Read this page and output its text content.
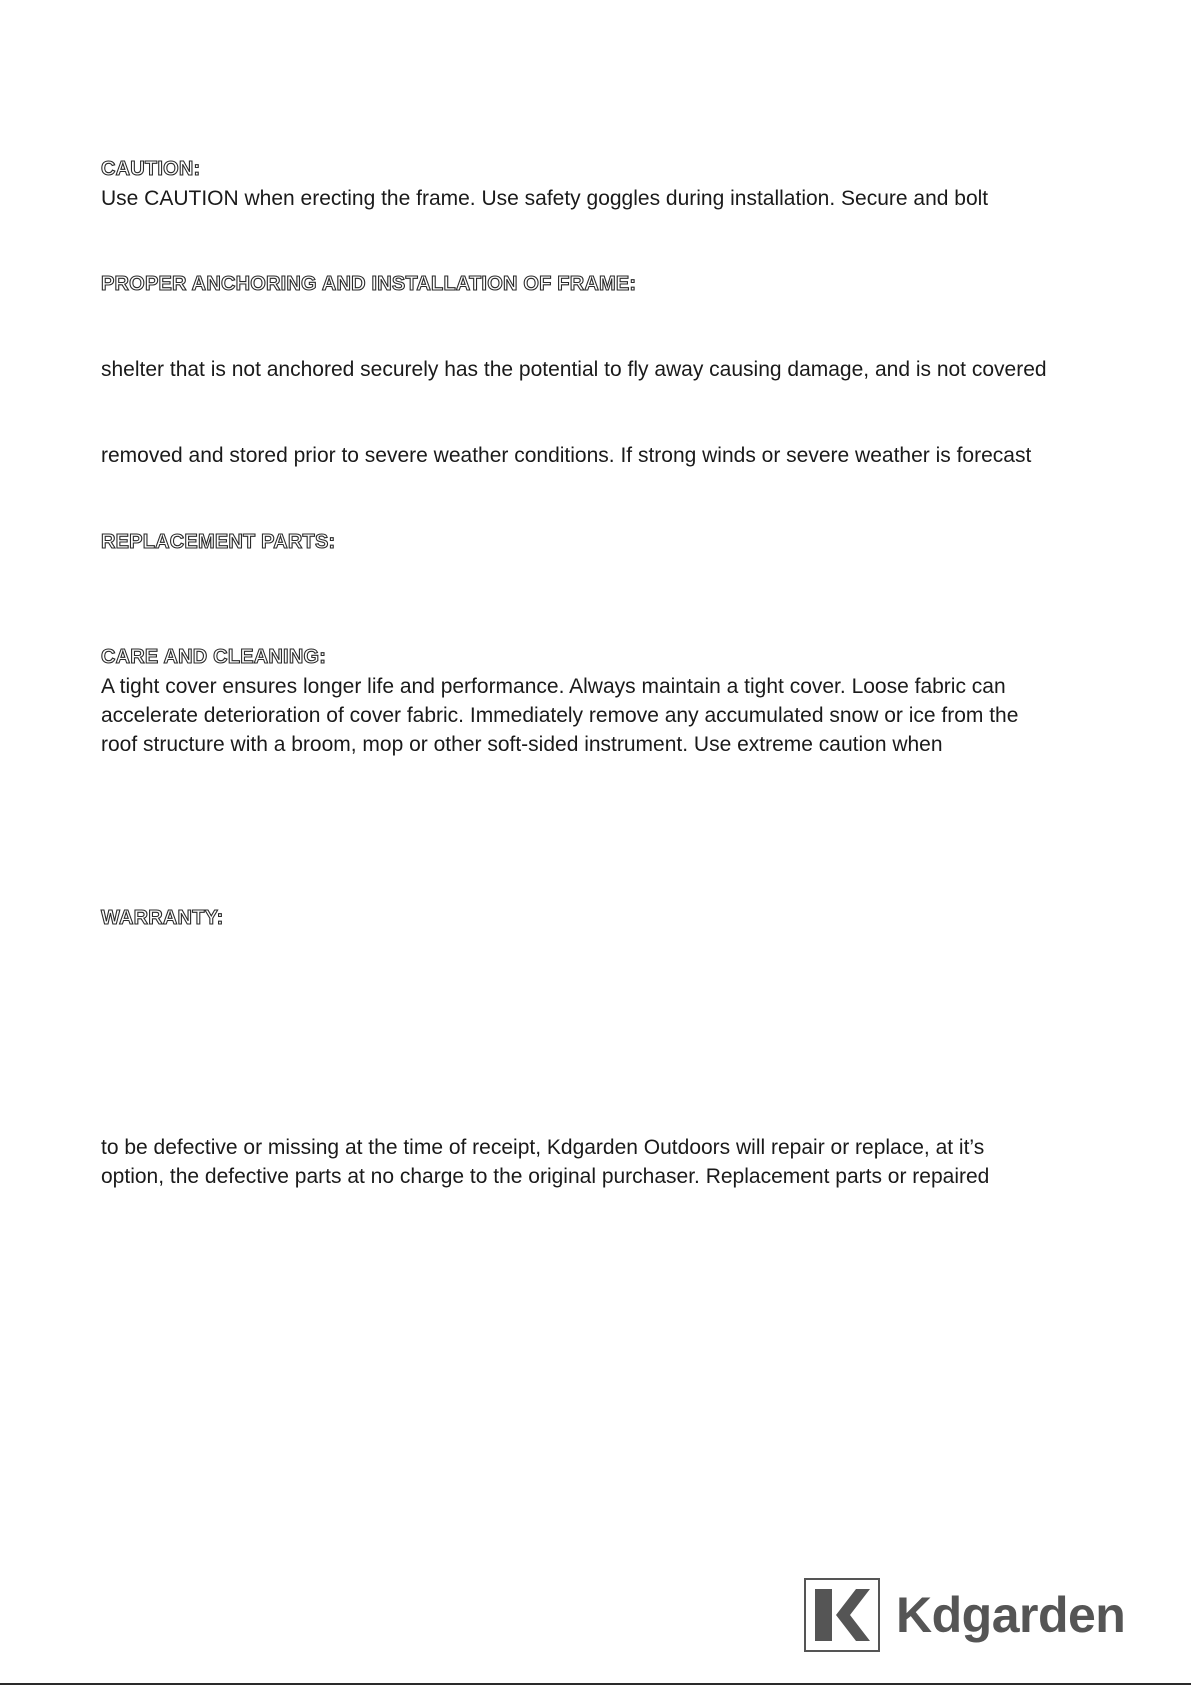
CAUTION:
Use CAUTION when erecting the frame. Use safety goggles during installation. Secure and bolt
PROPER ANCHORING AND INSTALLATION OF FRAME:
shelter that is not anchored securely has the potential to fly away causing damage, and is not covered
removed and stored prior to severe weather conditions. If strong winds or severe weather is forecast
REPLACEMENT PARTS:
CARE AND CLEANING:
A tight cover ensures longer life and performance. Always maintain a tight cover. Loose fabric can
accelerate deterioration of cover fabric. Immediately remove any accumulated snow or ice from the
roof structure with a broom, mop or other soft-sided instrument. Use extreme caution when
WARRANTY:
to be defective or missing at the time of receipt, Kdgarden Outdoors will repair or replace, at it’s
option, the defective parts at no charge to the original purchaser. Replacement parts or repaired
Kdgarden
